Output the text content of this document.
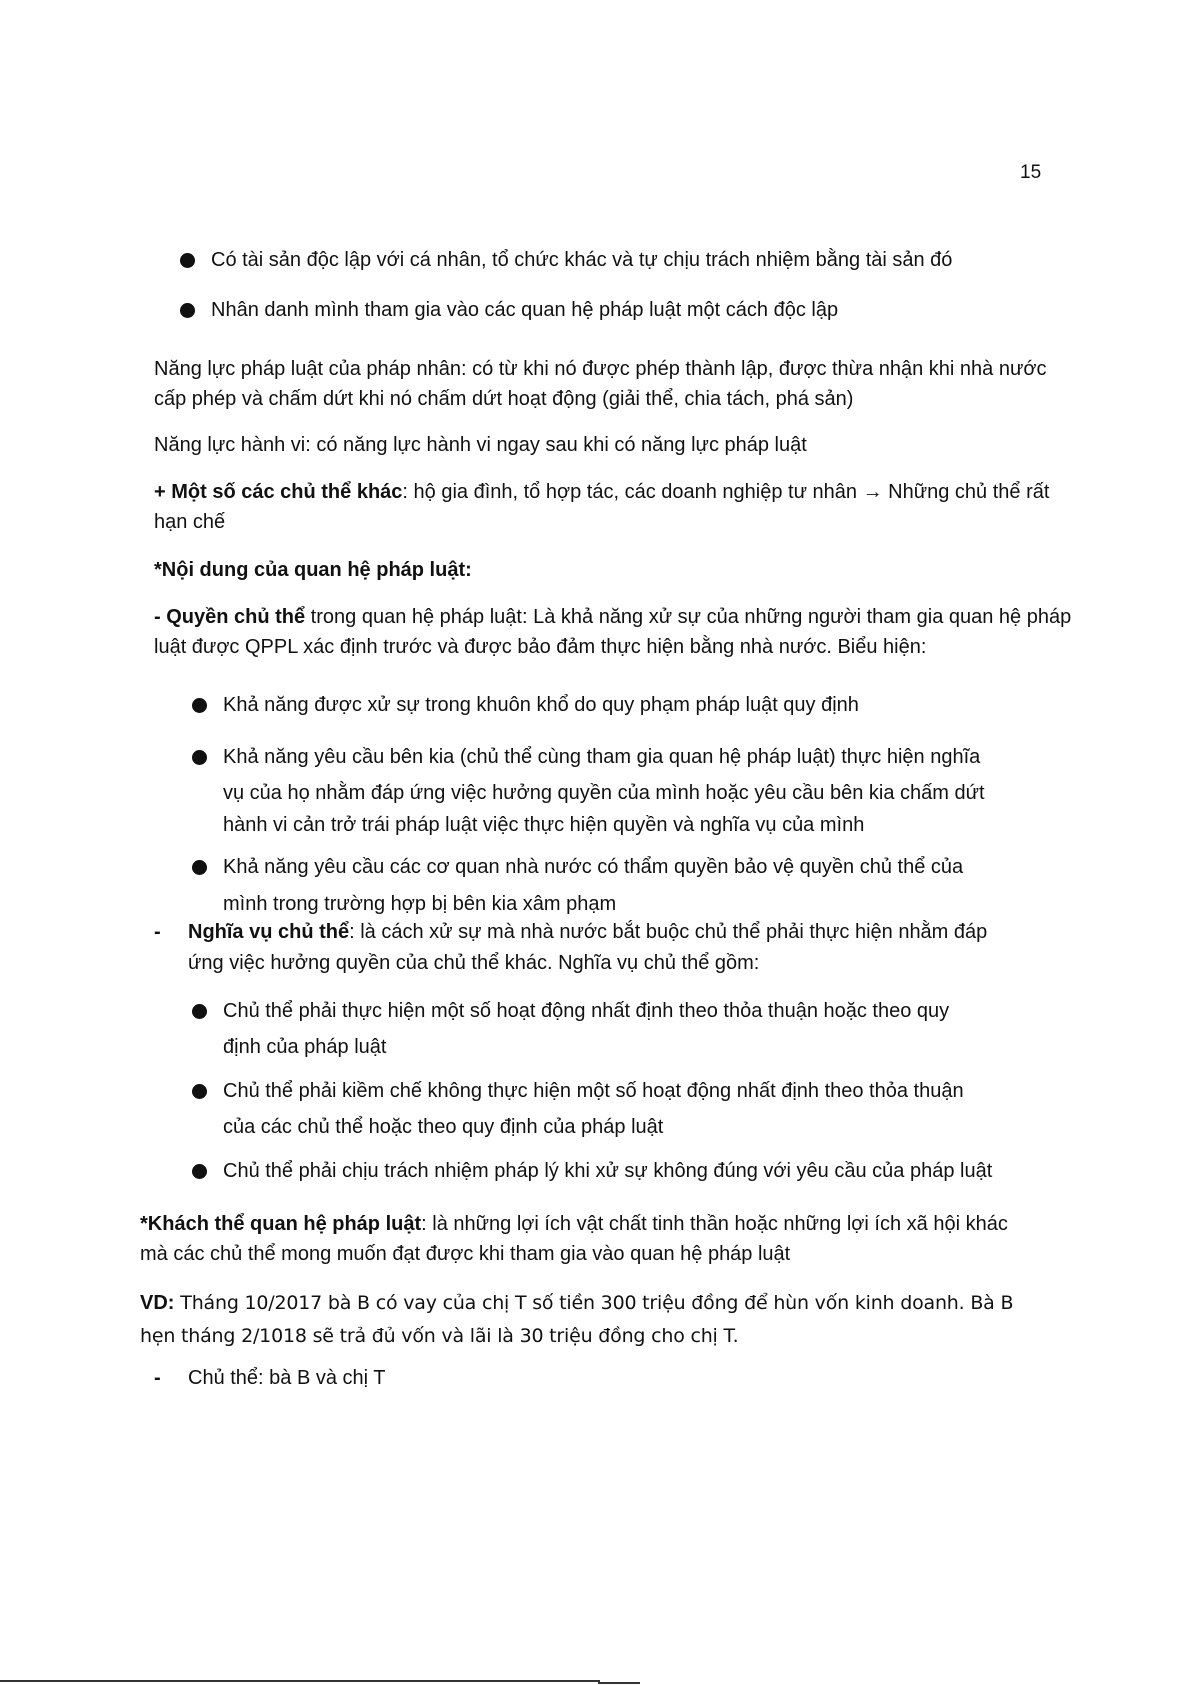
15
Có tài sản độc lập với cá nhân, tổ chức khác và tự chịu trách nhiệm bằng tài sản đó
Nhân danh mình tham gia vào các quan hệ pháp luật một cách độc lập
Năng lực pháp luật của pháp nhân: có từ khi nó được phép thành lập, được thừa nhận khi nhà nước cấp phép và chấm dứt khi nó chấm dứt hoạt động (giải thể, chia tách, phá sản)
Năng lực hành vi: có năng lực hành vi ngay sau khi có năng lực pháp luật
+ Một số các chủ thể khác: hộ gia đình, tổ hợp tác, các doanh nghiệp tư nhân → Những chủ thể rất hạn chế
*Nội dung của quan hệ pháp luật:
- Quyền chủ thể trong quan hệ pháp luật: Là khả năng xử sự của những người tham gia quan hệ pháp luật được QPPL xác định trước và được bảo đảm thực hiện bằng nhà nước. Biểu hiện:
Khả năng được xử sự trong khuôn khổ do quy phạm pháp luật quy định
Khả năng yêu cầu bên kia (chủ thể cùng tham gia quan hệ pháp luật) thực hiện nghĩa
vụ của họ nhằm đáp ứng việc hưởng quyền của mình hoặc yêu cầu bên kia chấm dứt
hành vi cản trở trái pháp luật việc thực hiện quyền và nghĩa vụ của mình
Khả năng yêu cầu các cơ quan nhà nước có thẩm quyền bảo vệ quyền chủ thể của
mình trong trường hợp bị bên kia xâm phạm
- Nghĩa vụ chủ thể: là cách xử sự mà nhà nước bắt buộc chủ thể phải thực hiện nhằm đáp
ứng việc hưởng quyền của chủ thể khác. Nghĩa vụ chủ thể gồm:
Chủ thể phải thực hiện một số hoạt động nhất định theo thỏa thuận hoặc theo quy
định của pháp luật
Chủ thể phải kiềm chế không thực hiện một số hoạt động nhất định theo thỏa thuận
của các chủ thể hoặc theo quy định của pháp luật
Chủ thể phải chịu trách nhiệm pháp lý khi xử sự không đúng với yêu cầu của pháp luật
*Khách thể quan hệ pháp luật: là những lợi ích vật chất tinh thần hoặc những lợi ích xã hội khác mà các chủ thể mong muốn đạt được khi tham gia vào quan hệ pháp luật
VD: Tháng 10/2017 bà B có vay của chị T số tiền 300 triệu đồng để hùn vốn kinh doanh. Bà B hẹn tháng 2/1018 sẽ trả đủ vốn và lãi là 30 triệu đồng cho chị T.
- Chủ thể: bà B và chị T
